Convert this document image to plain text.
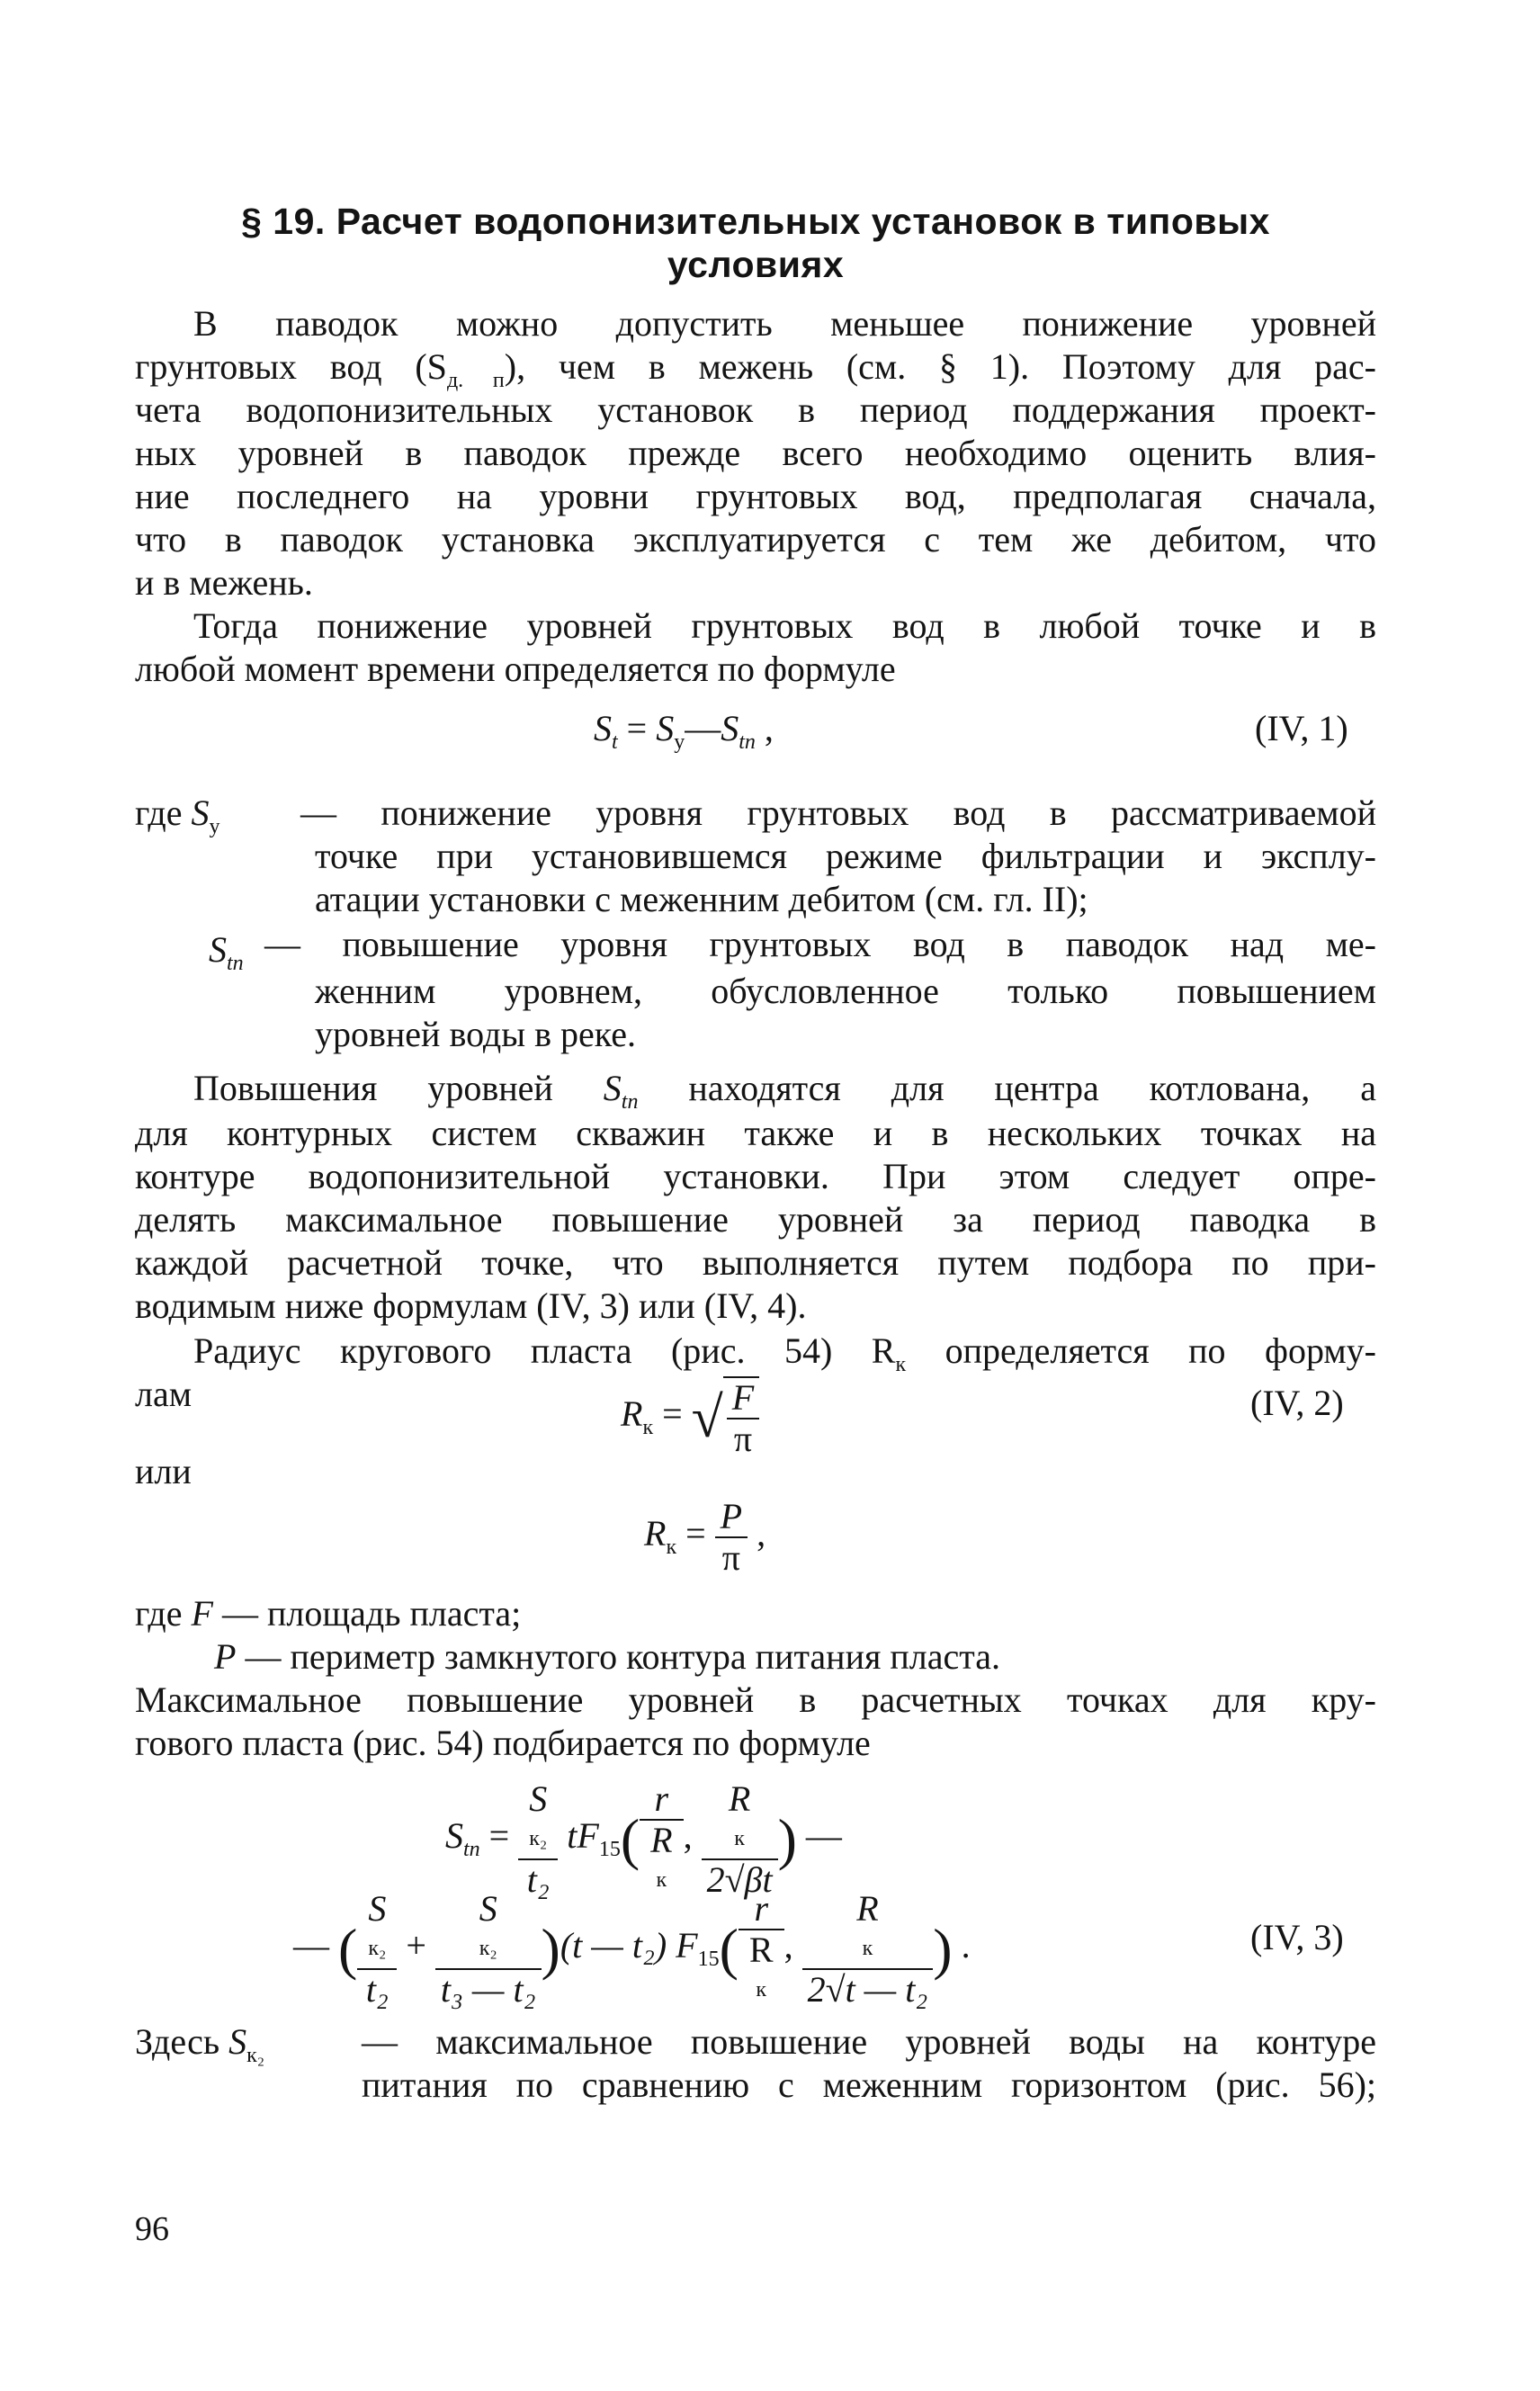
§ 19. Расчет водопонизительных установок в типовых
условиях
В паводок можно допустить меньшее понижение уровней
грунтовых вод $(S_{д. п})$, чем в межень (см. § 1). Поэтому для рас-
чета водопонизительных установок в период поддержания проект-
ных уровней в паводок прежде всего необходимо оценить влия-
ние последнего на уровни грунтовых вод, предполагая сначала,
что в паводок установка эксплуатируется с тем же дебитом, что
и в межень.
Тогда понижение уровней грунтовых вод в любой точке и в
любой момент времени определяется по формуле
$S_t$ = $S_у—S_{tп}$ ,	(IV, 1)
где $S_у$ — понижение уровня грунтовых вод в рассматриваемой
точке при установившемся режиме фильтрации и эксплу-
атации установки с меженним дебитом (см. гл. II);
$S_{tп}$ — повышение уровня грунтовых вод в паводок над ме-
женним уровнем, обусловленное только повышением
уровней воды в реке.
Повышения уровней $S_{tп}$ находятся для центра котлована, а
для контурных систем скважин также и в нескольких точках на
контуре водопонизительной установки. При этом следует опре-
делять максимальное повышение уровней за период паводка в
каждой расчетной точке, что выполняется путем подбора по при-
водимым ниже формулам (IV, 3) или (IV, 4).
Радиус кругового пласта (рис. 54) $R_к$ определяется по форму-
лам	$R_к$ = √ $\frac{F}{\pi}$	(IV, 2)
или
$R_к = \frac{P}{\pi}$ ,
где F — площадь пласта;
P — периметр замкнутого контура питания пласта.
Максимальное повышение уровней в расчетных точках для кру-
гового пласта (рис. 54) подбирается по формуле
$S_{tп} = S$
к₂
t₂ $tF_{15}$( r
R
к , R
к
2√βt ) —
— ( S
к₂
t₂ + S
к₂
t₃ — t₂ )(t — t₂) $F_{15}$( r
R
к , R
к
2√t — t₂ ) .	(IV, 3)
Здесь $S_{к_2}$	— максимальное повышение уровней воды на контуре
питания по сравнению с меженним горизонтом (рис. 56);
96
